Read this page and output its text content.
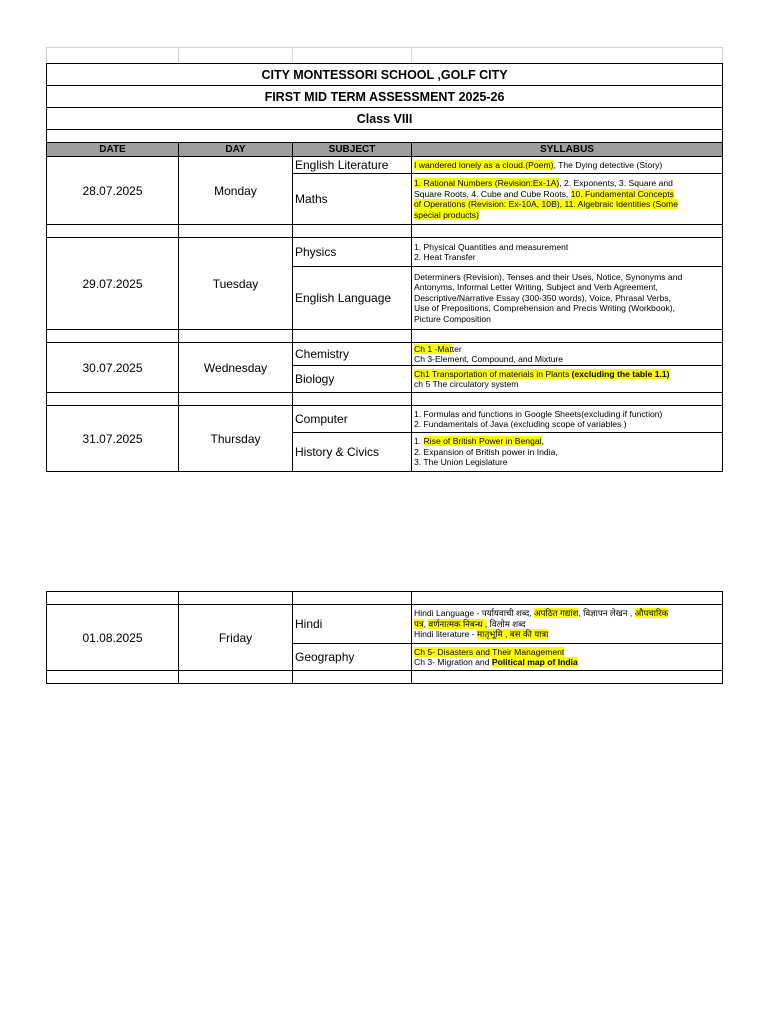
CITY MONTESSORI SCHOOL ,GOLF CITY			
FIRST MID TERM ASSESSMENT 2025-26			
Class VIII			

DATE	DAY	SUBJECT	SYLLABUS
28.07.2025	Monday	English Literature	I wandered lonely as a cloud.(Poem), The Dying detective (Story)

		Maths	1. Rational Numbers (Revision:Ex-1A), 2. Exponents, 3. Square and
Square Roots, 4. Cube and Cube Roots, 10. Fundamental Concepts
of Operations (Revision: Ex-10A, 10B), 11. Algebraic Identities (Some
special products)

29.07.2025	Tuesday	Physics	1. Physical Quantities and measurement
2. Heat Transfer

		English Language	Determiners (Revision), Tenses and their Uses, Notice, Synonyms and
Antonyms, Informal Letter Writing, Subject and Verb Agreement,
Descriptive/Narrative Essay (300-350 words), Voice, Phrasal Verbs,
Use of Prepositions, Comprehension and Precis Writing (Workbook),
Picture Composition

30.07.2025	Wednesday	Chemistry	Ch 1 -Matter
Ch 3-Element, Compound, and Mixture

		Biology	Ch1 Transportation of materials in Plants (excluding the table 1.1)
ch 5 The circulatory system

31.07.2025	Thursday	Computer	1. Formulas and functions in Google Sheets(excluding if function)
2. Fundamentals of Java (excluding scope of variables )

		History & Civics	1. Rise of British Power in Bengal,
2. Expansion of British power in India,
3. The Union Legislature

01.08.2025	Friday	Hindi	Hindi Language - पर्यायवाची शब्द, अपठित गद्यांश, विज्ञापन लेखन , औपचारिक
पत्र, वर्णनात्मक निबन्ध , विलोम शब्द
Hindi literature - मातृभूमि , बस की यात्रा

		Geography	Ch 5- Disasters and Their Management
Ch 3- Migration and Political map of India
